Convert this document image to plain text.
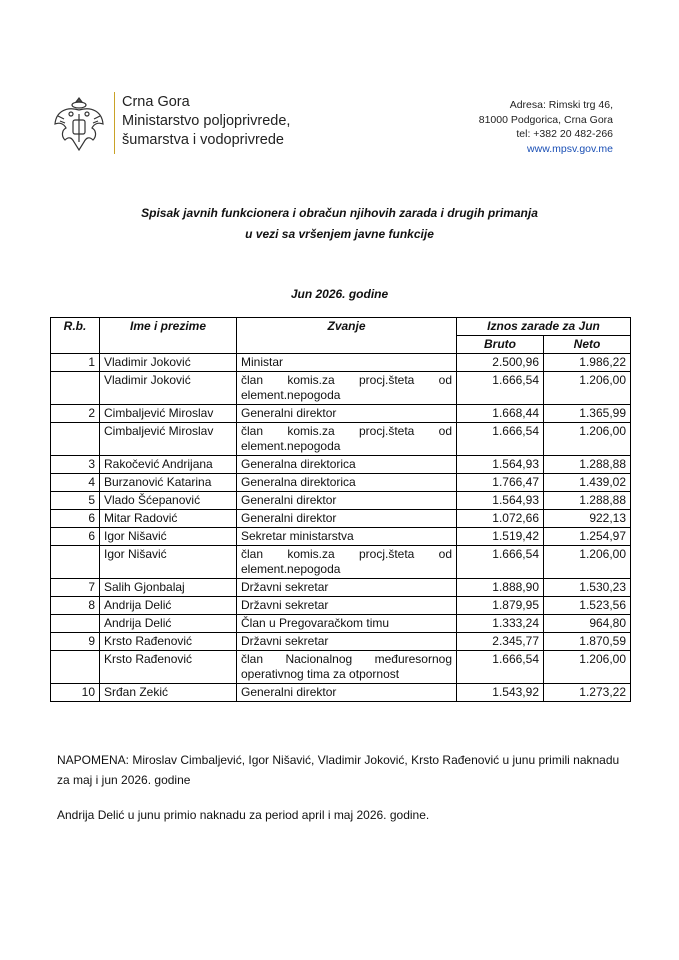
Crna Gora
Ministarstvo poljoprivrede,
šumarstva i vodoprivrede
Adresa: Rimski trg 46,
81000 Podgorica, Crna Gora
tel: +382 20 482-266
www.mpsv.gov.me
Spisak javnih funkcionera i obračun njihovih zarada i drugih primanja
u vezi sa vršenjem javne funkcije
Jun 2026. godine
R.b.	Ime i prezime	Zvanje	Iznos zarade za Jun	
			Bruto	Neto
1	Vladimir Joković	Ministar	2.500,96	1.986,22
	Vladimir Joković	član komis.za procj.šteta od element.nepogoda	1.666,54	1.206,00
2	Cimbaljević Miroslav	Generalni direktor	1.668,44	1.365,99
	Cimbaljević Miroslav	član komis.za procj.šteta od element.nepogoda	1.666,54	1.206,00
3	Rakočević Andrijana	Generalna direktorica	1.564,93	1.288,88
4	Burzanović Katarina	Generalna direktorica	1.766,47	1.439,02
5	Vlado Šćepanović	Generalni direktor	1.564,93	1.288,88
6	Mitar Radović	Generalni direktor	1.072,66	922,13
6	Igor Nišavić	Sekretar ministarstva	1.519,42	1.254,97
	Igor Nišavić	član komis.za procj.šteta od element.nepogoda	1.666,54	1.206,00
7	Salih Gjonbalaj	Državni sekretar	1.888,90	1.530,23
8	Andrija Delić	Državni sekretar	1.879,95	1.523,56
	Andrija Delić	Član u Pregovaračkom timu	1.333,24	964,80
9	Krsto Rađenović	Državni sekretar	2.345,77	1.870,59
	Krsto Rađenović	član Nacionalnog međuresornog operativnog tima za otpornost	1.666,54	1.206,00
10	Srđan Zekić	Generalni direktor	1.543,92	1.273,22
NAPOMENA: Miroslav Cimbaljević, Igor Nišavić, Vladimir Joković, Krsto Rađenović u junu primili naknadu za maj i jun 2026. godine
Andrija Delić u junu primio naknadu za period april i maj 2026. godine.
